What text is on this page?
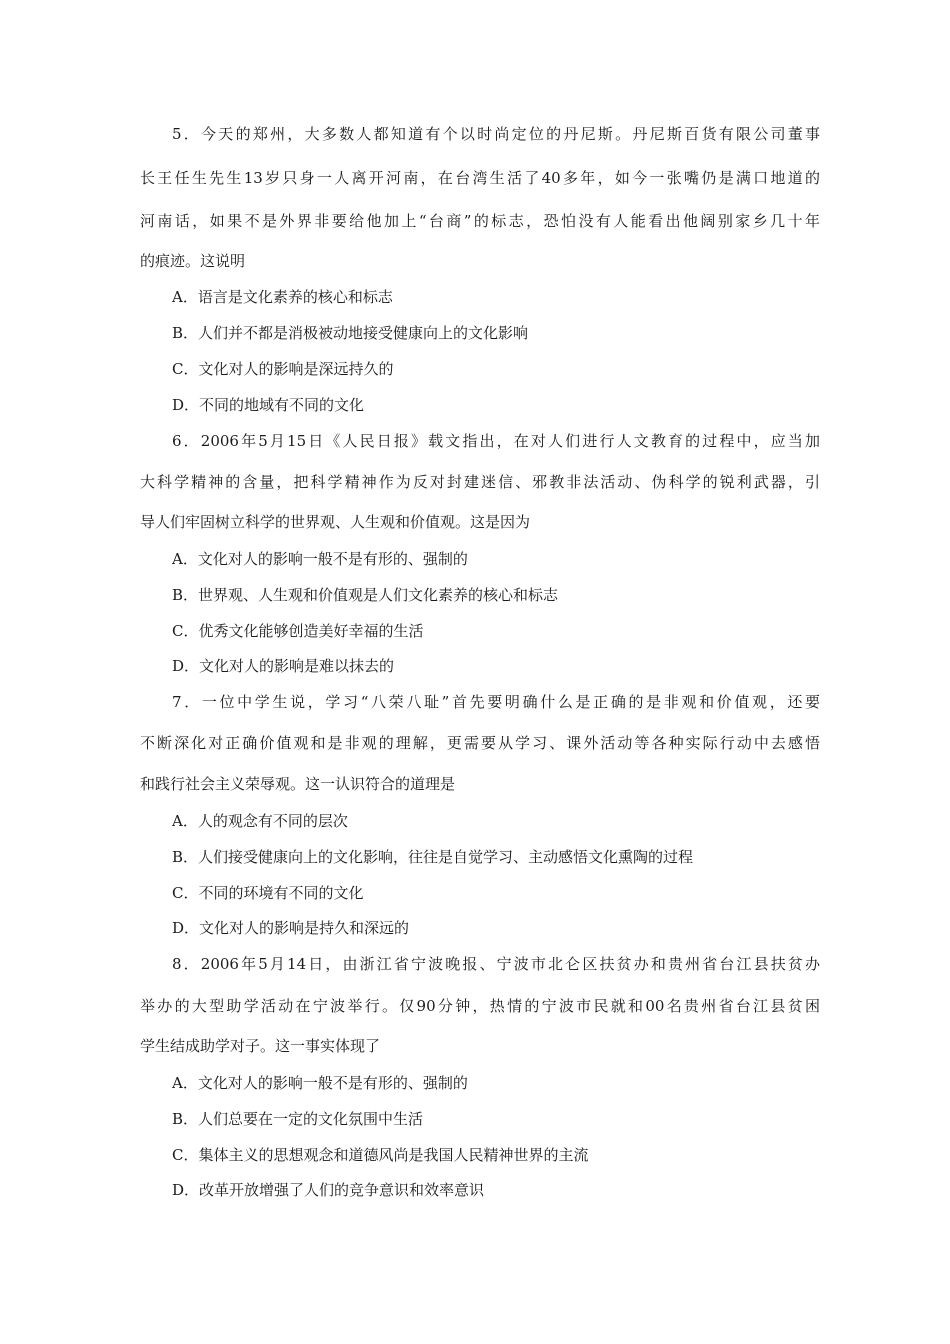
5．今天的郑州，大多数人都知道有个以时尚定位的丹尼斯。丹尼斯百货有限公司董事
长王任生先生13岁只身一人离开河南，在台湾生活了40多年，如今一张嘴仍是满口地道的
河南话，如果不是外界非要给他加上“台商”的标志，恐怕没有人能看出他阔别家乡几十年
的痕迹。这说明
A．语言是文化素养的核心和标志
B．人们并不都是消极被动地接受健康向上的文化影响
C．文化对人的影响是深远持久的
D．不同的地域有不同的文化
6．2006年5月15日《人民日报》载文指出，在对人们进行人文教育的过程中，应当加
大科学精神的含量，把科学精神作为反对封建迷信、邪教非法活动、伪科学的锐利武器，引
导人们牢固树立科学的世界观、人生观和价值观。这是因为
A．文化对人的影响一般不是有形的、强制的
B．世界观、人生观和价值观是人们文化素养的核心和标志
C．优秀文化能够创造美好幸福的生活
D．文化对人的影响是难以抹去的
7．一位中学生说，学习“八荣八耻”首先要明确什么是正确的是非观和价值观，还要
不断深化对正确价值观和是非观的理解，更需要从学习、课外活动等各种实际行动中去感悟
和践行社会主义荣辱观。这一认识符合的道理是
A．人的观念有不同的层次
B．人们接受健康向上的文化影响，往往是自觉学习、主动感悟文化熏陶的过程
C．不同的环境有不同的文化
D．文化对人的影响是持久和深远的
8．2006年5月14日，由浙江省宁波晚报、宁波市北仑区扶贫办和贵州省台江县扶贫办
举办的大型助学活动在宁波举行。仅90分钟，热情的宁波市民就和00名贵州省台江县贫困
学生结成助学对子。这一事实体现了
A．文化对人的影响一般不是有形的、强制的
B．人们总要在一定的文化氛围中生活
C．集体主义的思想观念和道德风尚是我国人民精神世界的主流
D．改革开放增强了人们的竞争意识和效率意识
